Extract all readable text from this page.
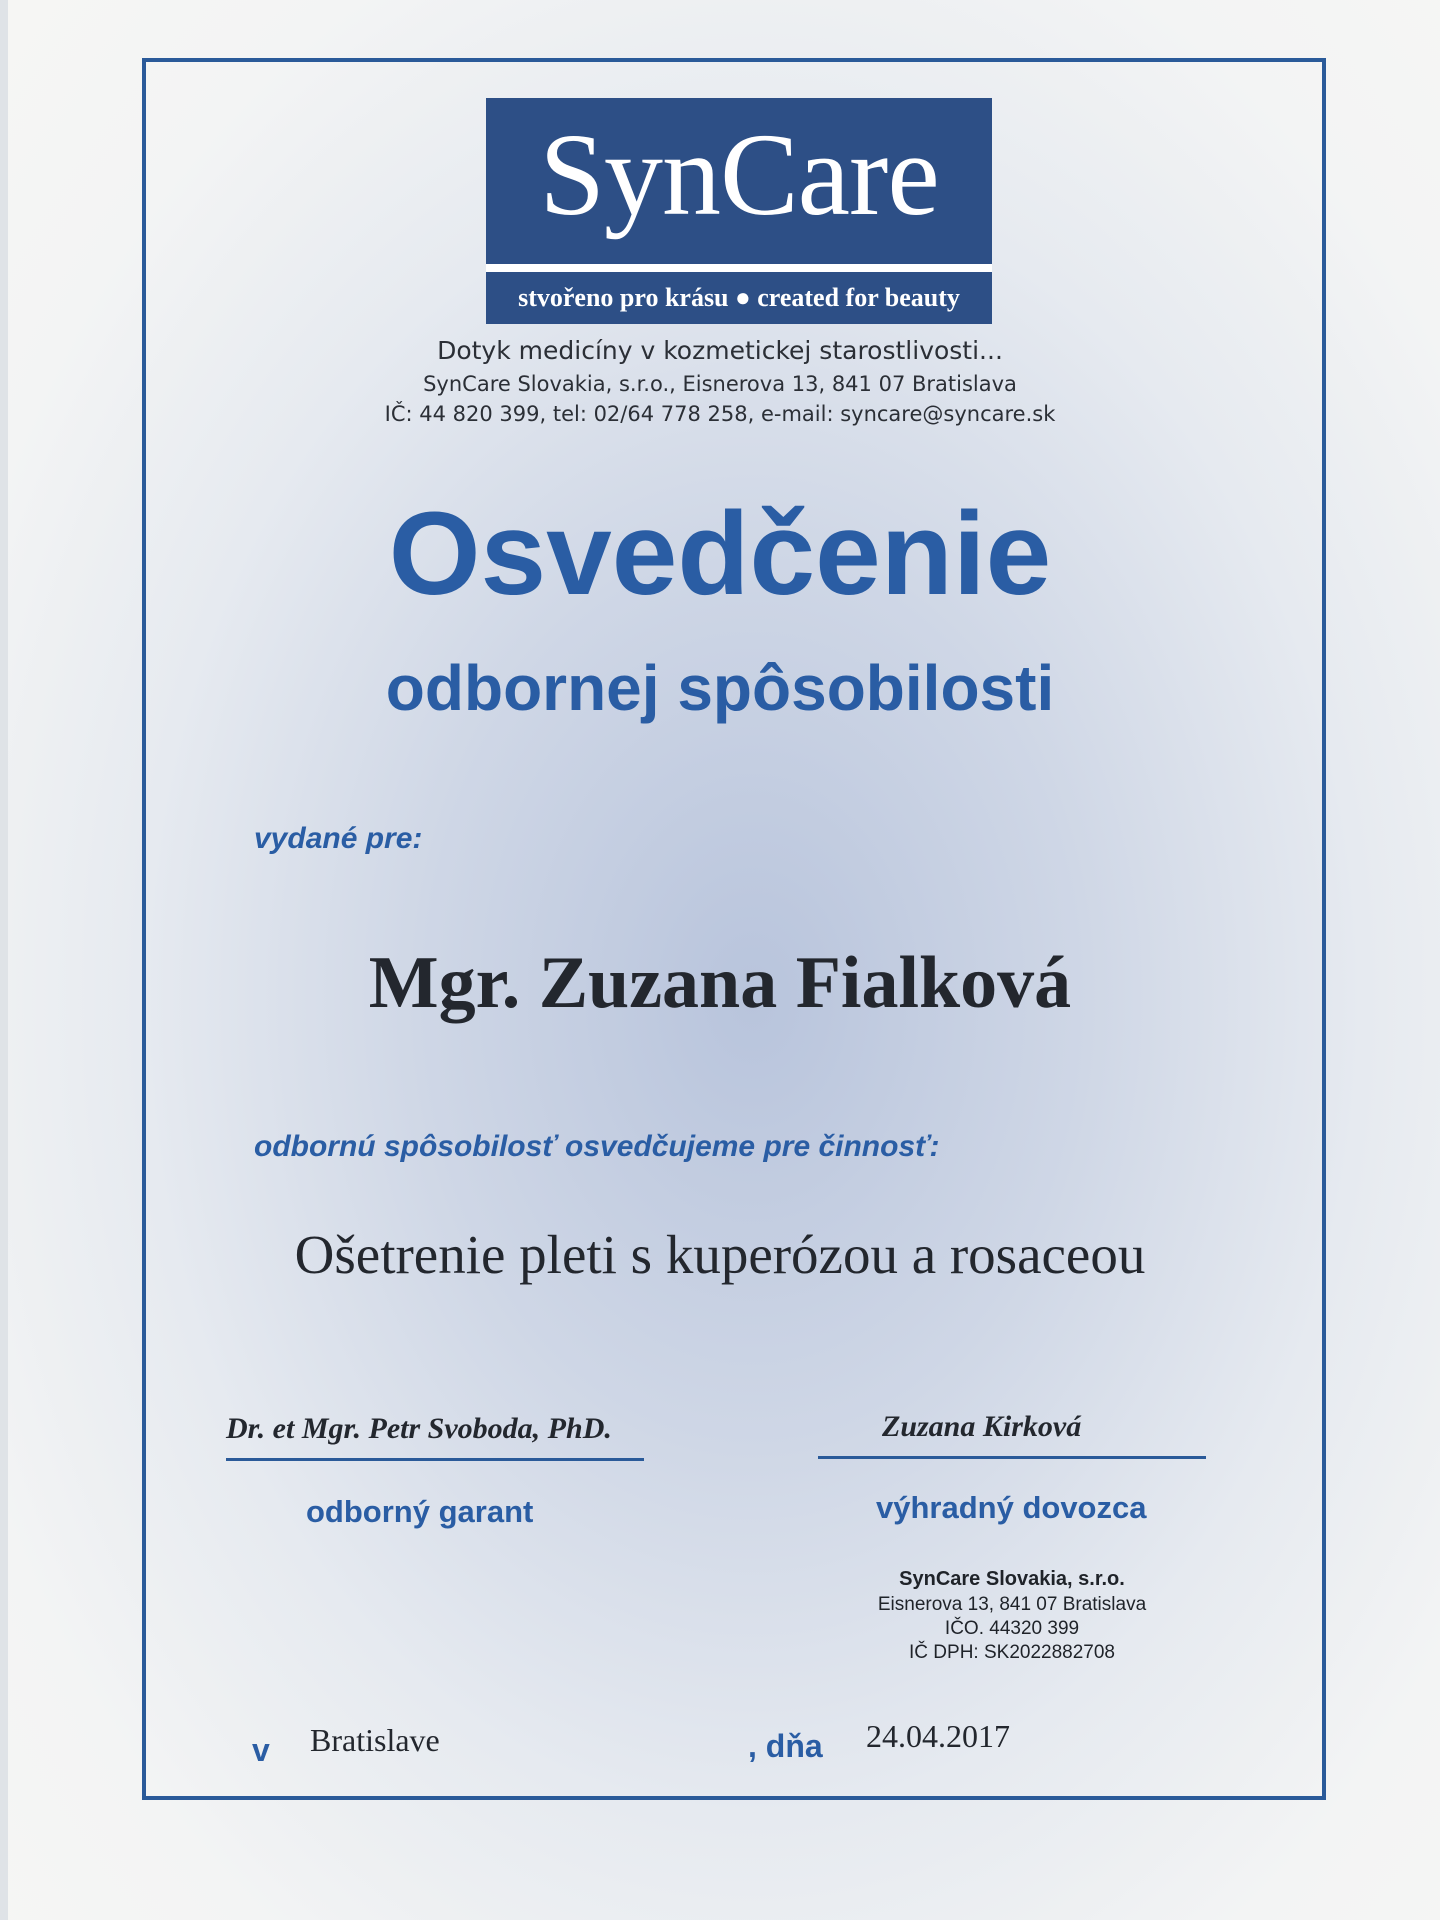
SynCare
stvořeno pro krásu ● created for beauty
Dotyk medicíny v kozmetickej starostlivosti...
SynCare Slovakia, s.r.o., Eisnerova 13, 841 07 Bratislava
IČ: 44 820 399, tel: 02/64 778 258, e-mail: syncare@syncare.sk
Osvedčenie
odbornej spôsobilosti
vydané pre:
Mgr. Zuzana Fialková
odbornú spôsobilosť osvedčujeme pre činnosť:
Ošetrenie pleti s kuperózou a rosaceou
Dr. et Mgr. Petr Svoboda, PhD.
odborný garant
Zuzana Kirková
výhradný dovozca
SynCare Slovakia, s.r.o.
Eisnerova 13, 841 07 Bratislava
IČO. 44320 399
IČ DPH: SK2022882708
v Bratislave	, dňa 24.04.2017
